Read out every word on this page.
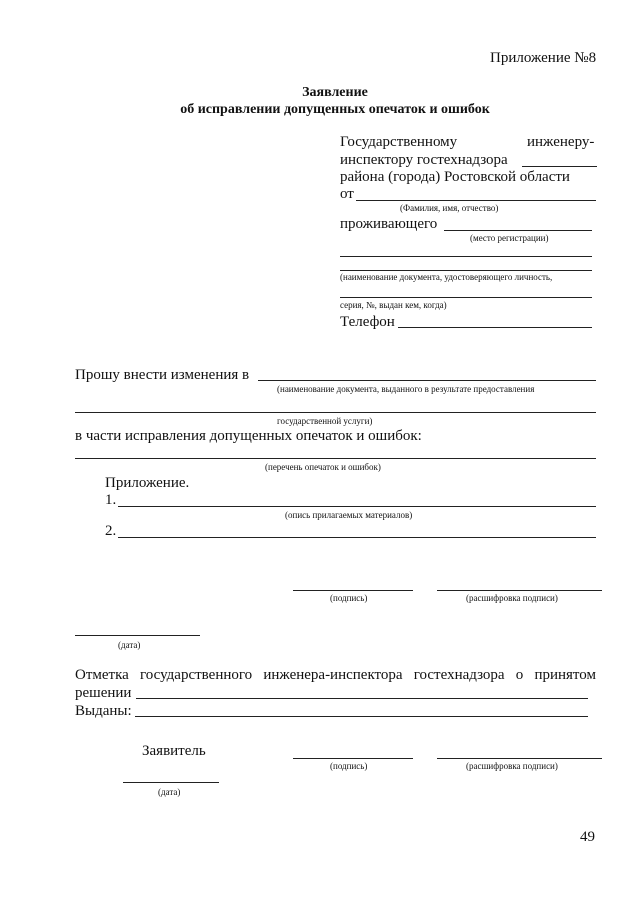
Приложение №8
Заявление
об исправлении допущенных опечаток и ошибок
Государственному	инженеру-
инспектору гостехнадзора
района (города) Ростовской области
от
(Фамилия, имя, отчество)
проживающего
(место регистрации)
(наименование документа, удостоверяющего личность,
серия, №, выдан кем, когда)
Телефон
Прошу внести изменения в
(наименование документа, выданного в результате предоставления
государственной услуги)
в части исправления допущенных опечаток и ошибок:
(перечень опечаток и ошибок)
Приложение.
1.
(опись прилагаемых материалов)
2.
(подпись)	(расшифровка подписи)
(дата)
Отметка государственного инженера-инспектора гостехнадзора о принятом
решении
Выданы:
Заявитель
(подпись)	(расшифровка подписи)
(дата)
49
